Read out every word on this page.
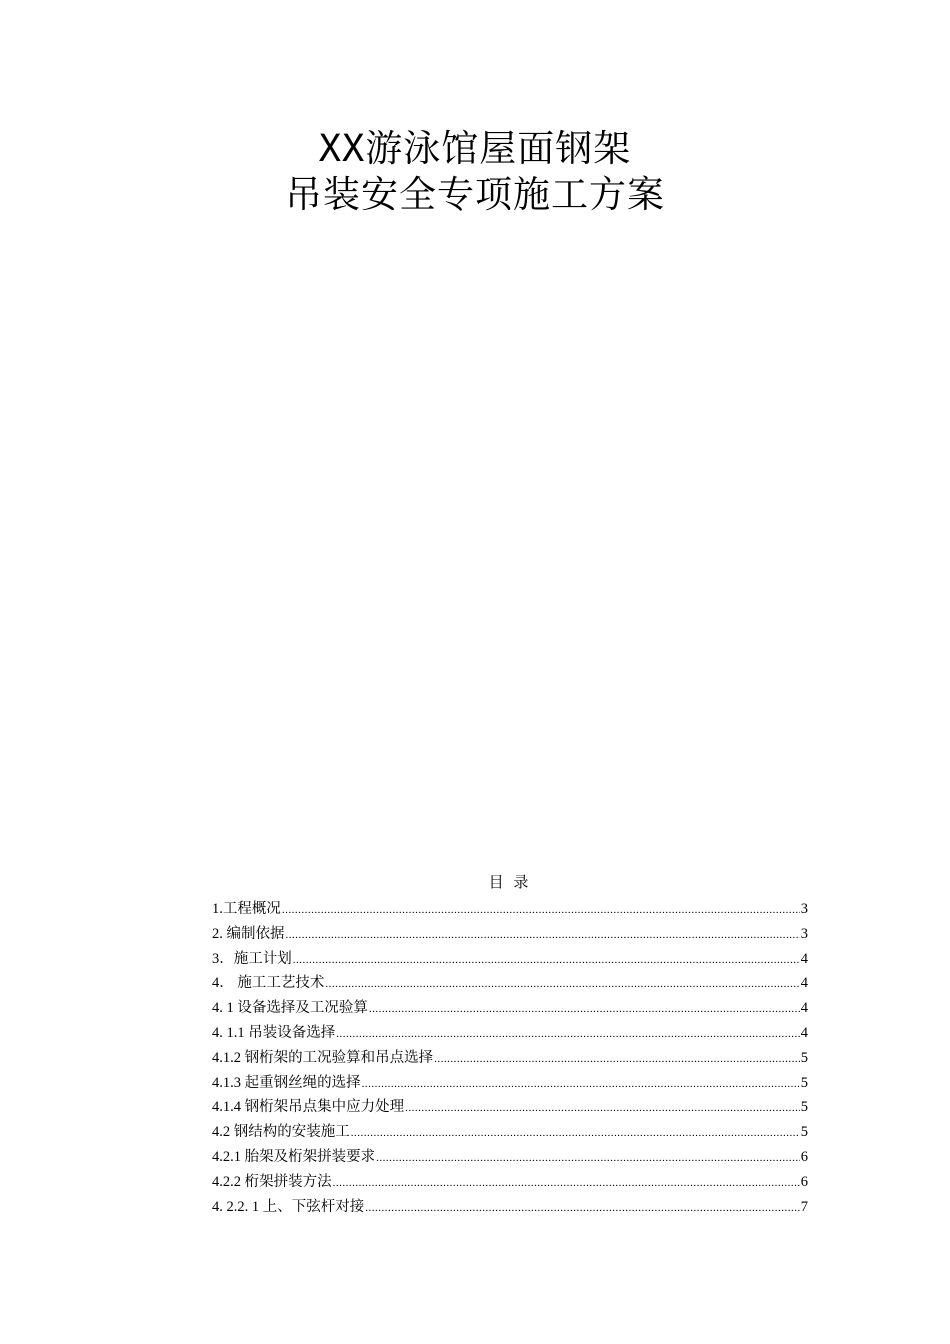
XX游泳馆屋面钢架
吊装安全专项施工方案
目 录
1.工程概况 .....	3
2. 编制依据 .....	3
3．施工计划 .....	4
4． 施工工艺技术 .....	4
4. 1 设备选择及工况验算 .....	4
4. 1.1 吊装设备选择 .....	4
4.1.2 钢桁架的工况验算和吊点选择 .....	5
4.1.3 起重钢丝绳的选择 .....	5
4.1.4 钢桁架吊点集中应力处理 .....	5
4.2 钢结构的安装施工 .....	5
4.2.1 胎架及桁架拼装要求 .....	6
4.2.2 桁架拼装方法 .....	6
4. 2.2. 1 上、下弦杆对接 .....	7
